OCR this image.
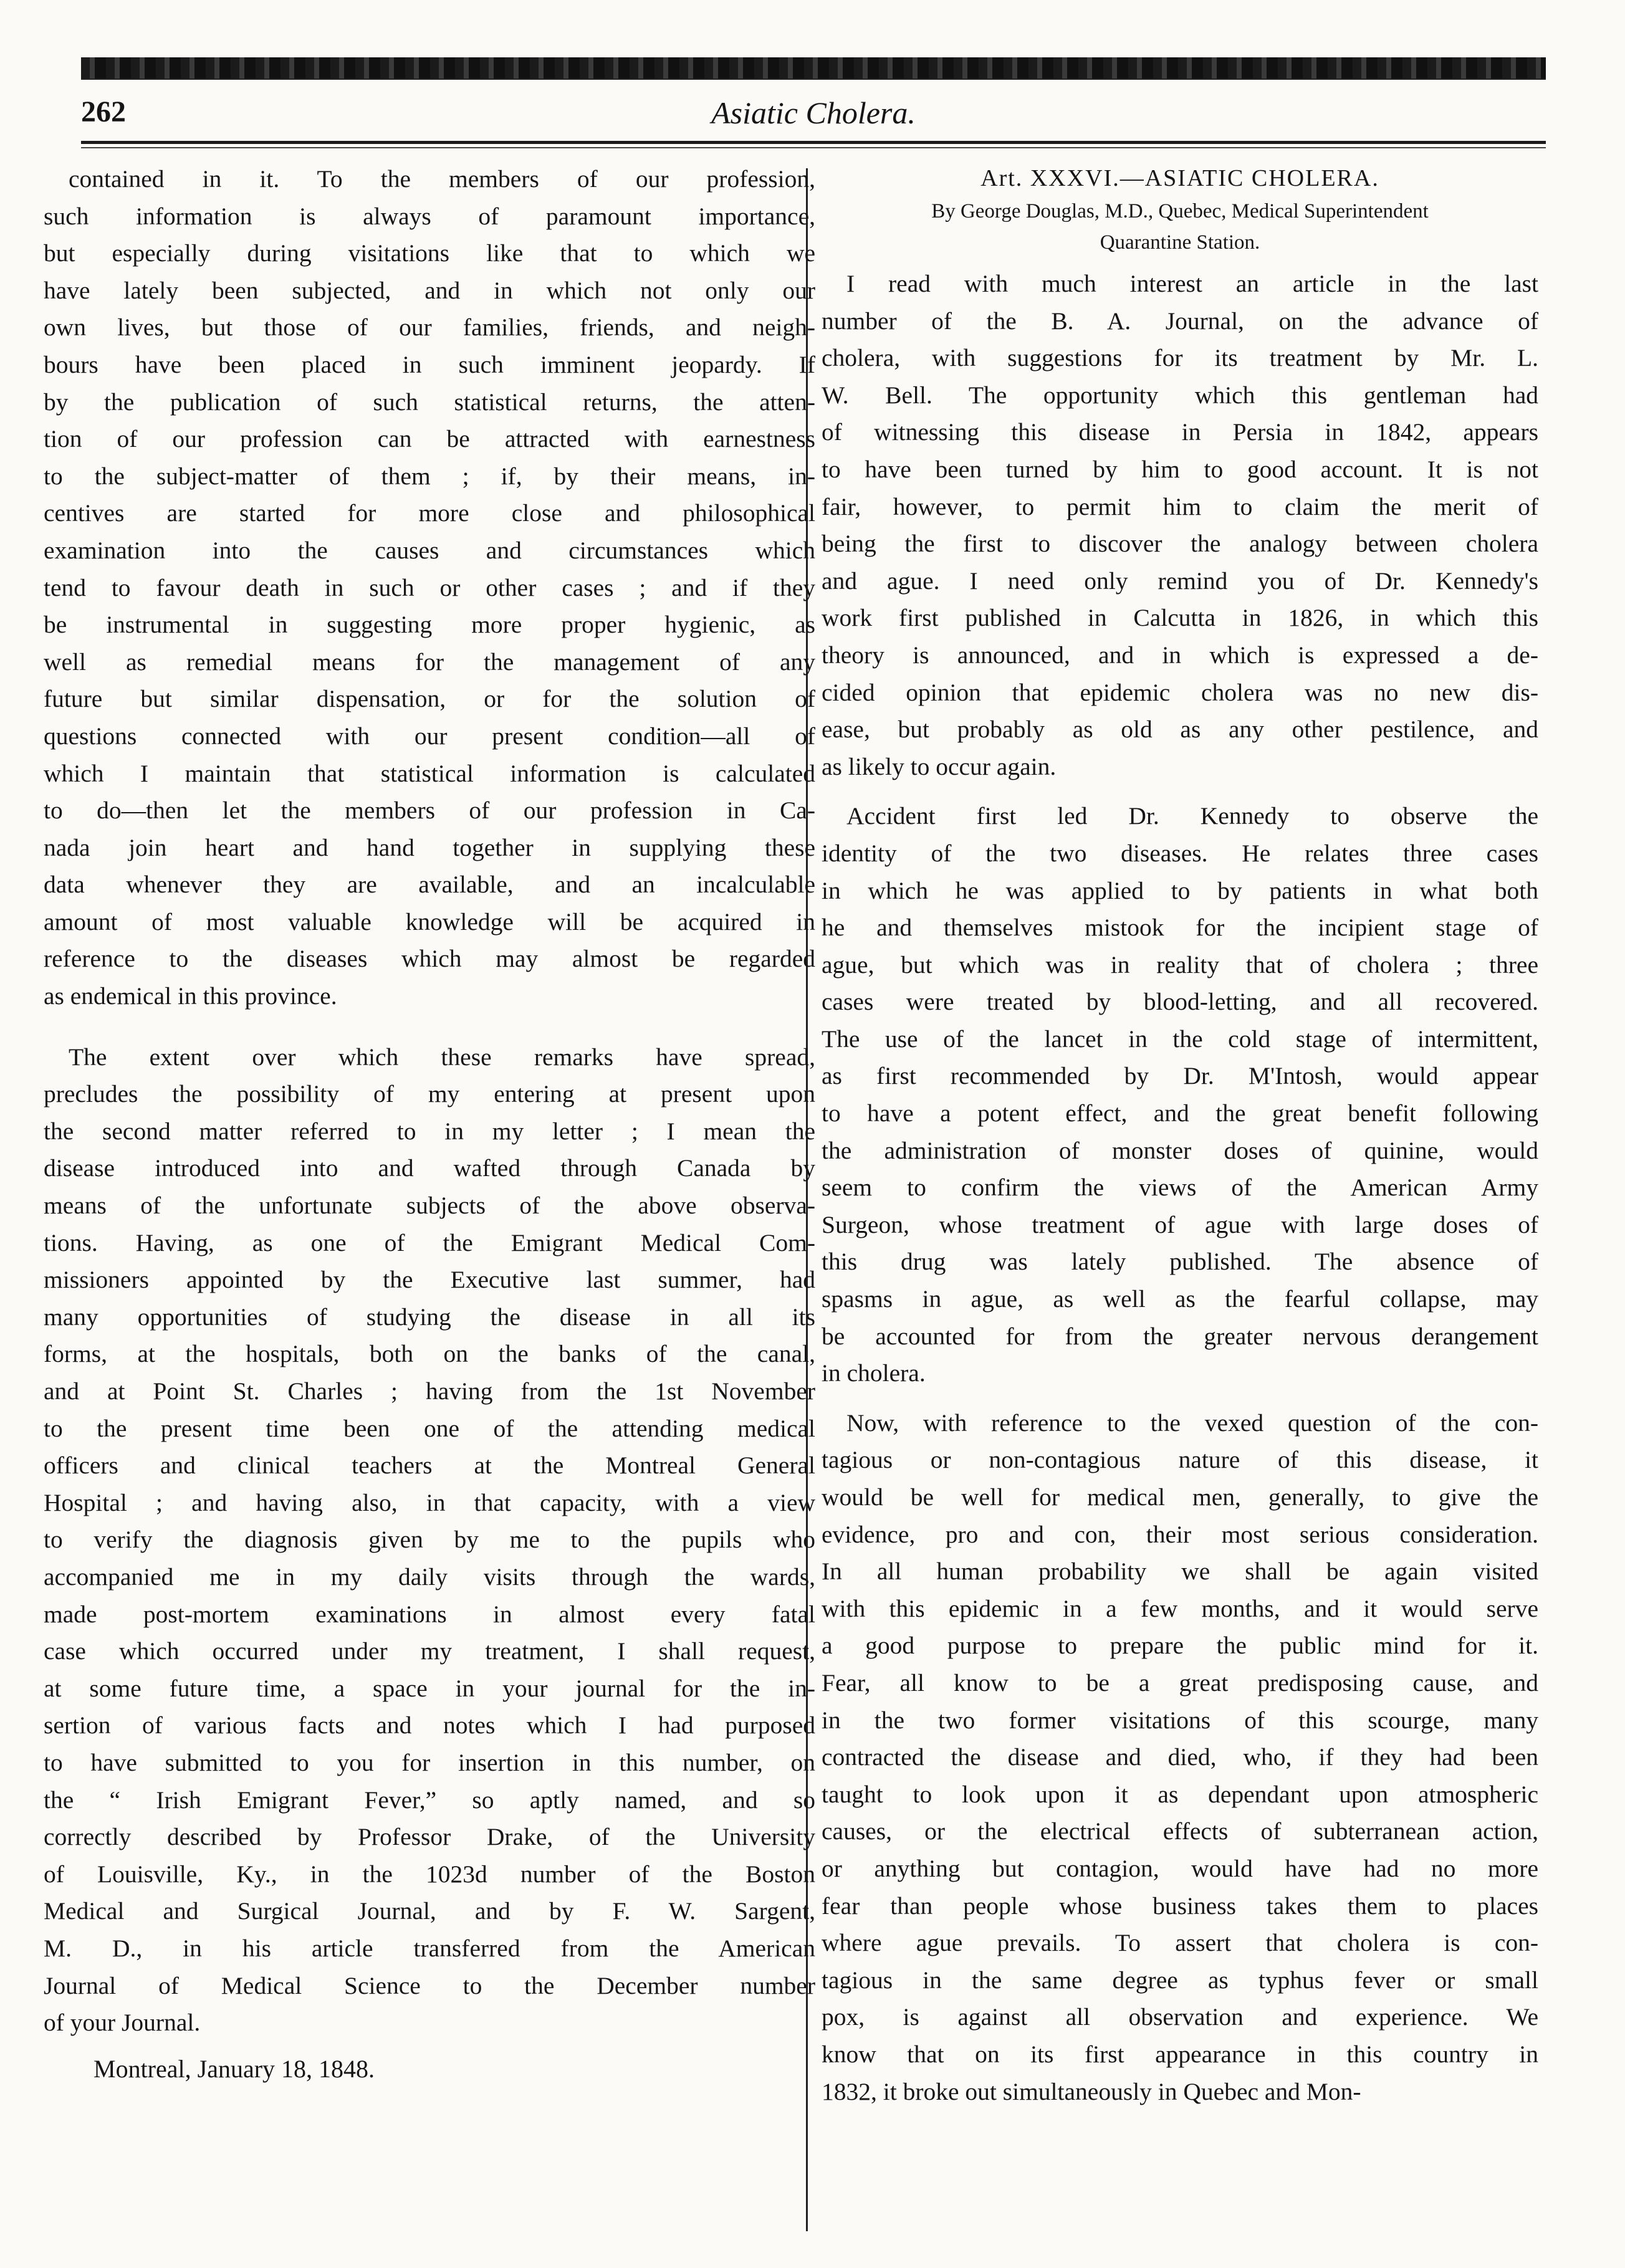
262	Asiatic Cholera.
contained in it. To the members of our profession,
such information is always of paramount importance,
but especially during visitations like that to which we
have lately been subjected, and in which not only our
own lives, but those of our families, friends, and neigh-
bours have been placed in such imminent jeopardy. If
by the publication of such statistical returns, the atten-
tion of our profession can be attracted with earnestness
to the subject-matter of them ; if, by their means, in-
centives are started for more close and philosophical
examination into the causes and circumstances which
tend to favour death in such or other cases ; and if they
be instrumental in suggesting more proper hygienic, as
well as remedial means for the management of any
future but similar dispensation, or for the solution of
questions connected with our present condition—all of
which I maintain that statistical information is calculated
to do—then let the members of our profession in Ca-
nada join heart and hand together in supplying these
data whenever they are available, and an incalculable
amount of most valuable knowledge will be acquired in
reference to the diseases which may almost be regarded
as endemical in this province.
The extent over which these remarks have spread,
precludes the possibility of my entering at present upon
the second matter referred to in my letter ; I mean the
disease introduced into and wafted through Canada by
means of the unfortunate subjects of the above observa-
tions. Having, as one of the Emigrant Medical Com-
missioners appointed by the Executive last summer, had
many opportunities of studying the disease in all its
forms, at the hospitals, both on the banks of the canal,
and at Point St. Charles ; having from the 1st November
to the present time been one of the attending medical
officers and clinical teachers at the Montreal General
Hospital ; and having also, in that capacity, with a view
to verify the diagnosis given by me to the pupils who
accompanied me in my daily visits through the wards,
made post-mortem examinations in almost every fatal
case which occurred under my treatment, I shall request,
at some future time, a space in your journal for the in-
sertion of various facts and notes which I had purposed
to have submitted to you for insertion in this number, on
the “ Irish Emigrant Fever,” so aptly named, and so
correctly described by Professor Drake, of the University
of Louisville, Ky., in the 1023d number of the Boston
Medical and Surgical Journal, and by F. W. Sargent,
M. D., in his article transferred from the American
Journal of Medical Science to the December number
of your Journal.
Montreal, January 18, 1848.
Art. XXXVI.—ASIATIC CHOLERA.
By George Douglas, M.D., Quebec, Medical Superintendent
Quarantine Station.
I read with much interest an article in the last
number of the B. A. Journal, on the advance of
cholera, with suggestions for its treatment by Mr. L.
W. Bell. The opportunity which this gentleman had
of witnessing this disease in Persia in 1842, appears
to have been turned by him to good account. It is not
fair, however, to permit him to claim the merit of
being the first to discover the analogy between cholera
and ague. I need only remind you of Dr. Kennedy's
work first published in Calcutta in 1826, in which this
theory is announced, and in which is expressed a de-
cided opinion that epidemic cholera was no new dis-
ease, but probably as old as any other pestilence, and
as likely to occur again.
Accident first led Dr. Kennedy to observe the
identity of the two diseases. He relates three cases
in which he was applied to by patients in what both
he and themselves mistook for the incipient stage of
ague, but which was in reality that of cholera ; three
cases were treated by blood-letting, and all recovered.
The use of the lancet in the cold stage of intermittent,
as first recommended by Dr. M'Intosh, would appear
to have a potent effect, and the great benefit following
the administration of monster doses of quinine, would
seem to confirm the views of the American Army
Surgeon, whose treatment of ague with large doses of
this drug was lately published. The absence of
spasms in ague, as well as the fearful collapse, may
be accounted for from the greater nervous derangement
in cholera.
Now, with reference to the vexed question of the con-
tagious or non-contagious nature of this disease, it
would be well for medical men, generally, to give the
evidence, pro and con, their most serious consideration.
In all human probability we shall be again visited
with this epidemic in a few months, and it would serve
a good purpose to prepare the public mind for it.
Fear, all know to be a great predisposing cause, and
in the two former visitations of this scourge, many
contracted the disease and died, who, if they had been
taught to look upon it as dependant upon atmospheric
causes, or the electrical effects of subterranean action,
or anything but contagion, would have had no more
fear than people whose business takes them to places
where ague prevails. To assert that cholera is con-
tagious in the same degree as typhus fever or small
pox, is against all observation and experience. We
know that on its first appearance in this country in
1832, it broke out simultaneously in Quebec and Mon-
